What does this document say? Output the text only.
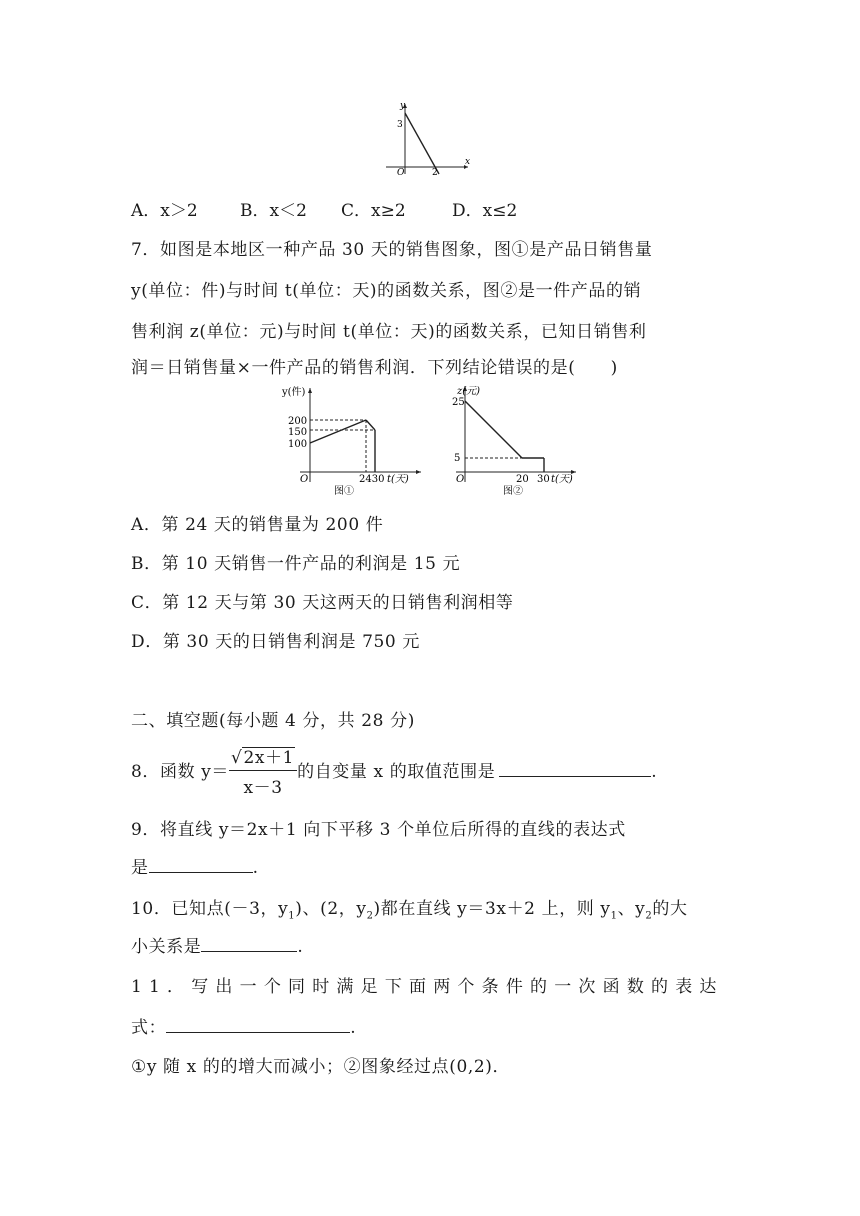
y
x
O
3
2
A．x＞2 B．x＜2 C．x≥2	D．x≤2
7．如图是本地区一种产品 30 天的销售图象，图①是产品日销售量
y(单位：件)与时间 t(单位：天)的函数关系，图②是一件产品的销
售利润 z(单位：元)与时间 t(单位：天)的函数关系，已知日销售利
润＝日销售量×一件产品的销售利润．下列结论错误的是(　　)
y(件)
200
150
100
O	2430 t(天)
图①
z(元)
25
5
O	20 30 t(天)
图②
A．第 24 天的销售量为 200 件
B．第 10 天销售一件产品的利润是 15 元
C．第 12 天与第 30 天这两天的日销售利润相等
D．第 30 天的日销售利润是 750 元
二、填空题(每小题 4 分，共 28 分)
8．函数 $y= \frac{√2x+1}{x-3}$ 的自变量 x 的取值范围是	.
9．将直线 y＝2x＋1 向下平移 3 个单位后所得的直线的表达式
是	.
10．已知点(－3，$y_1$)、(2，$y_2$)都在直线 y＝3x＋2 上，则 $y_1$、$y_2$的大
小关系是	.
11．写出一个同时满足下面两个条件的一次函数的表达
式：	.
①y 随 x 的的增大而减小；②图象经过点(0,2)．
